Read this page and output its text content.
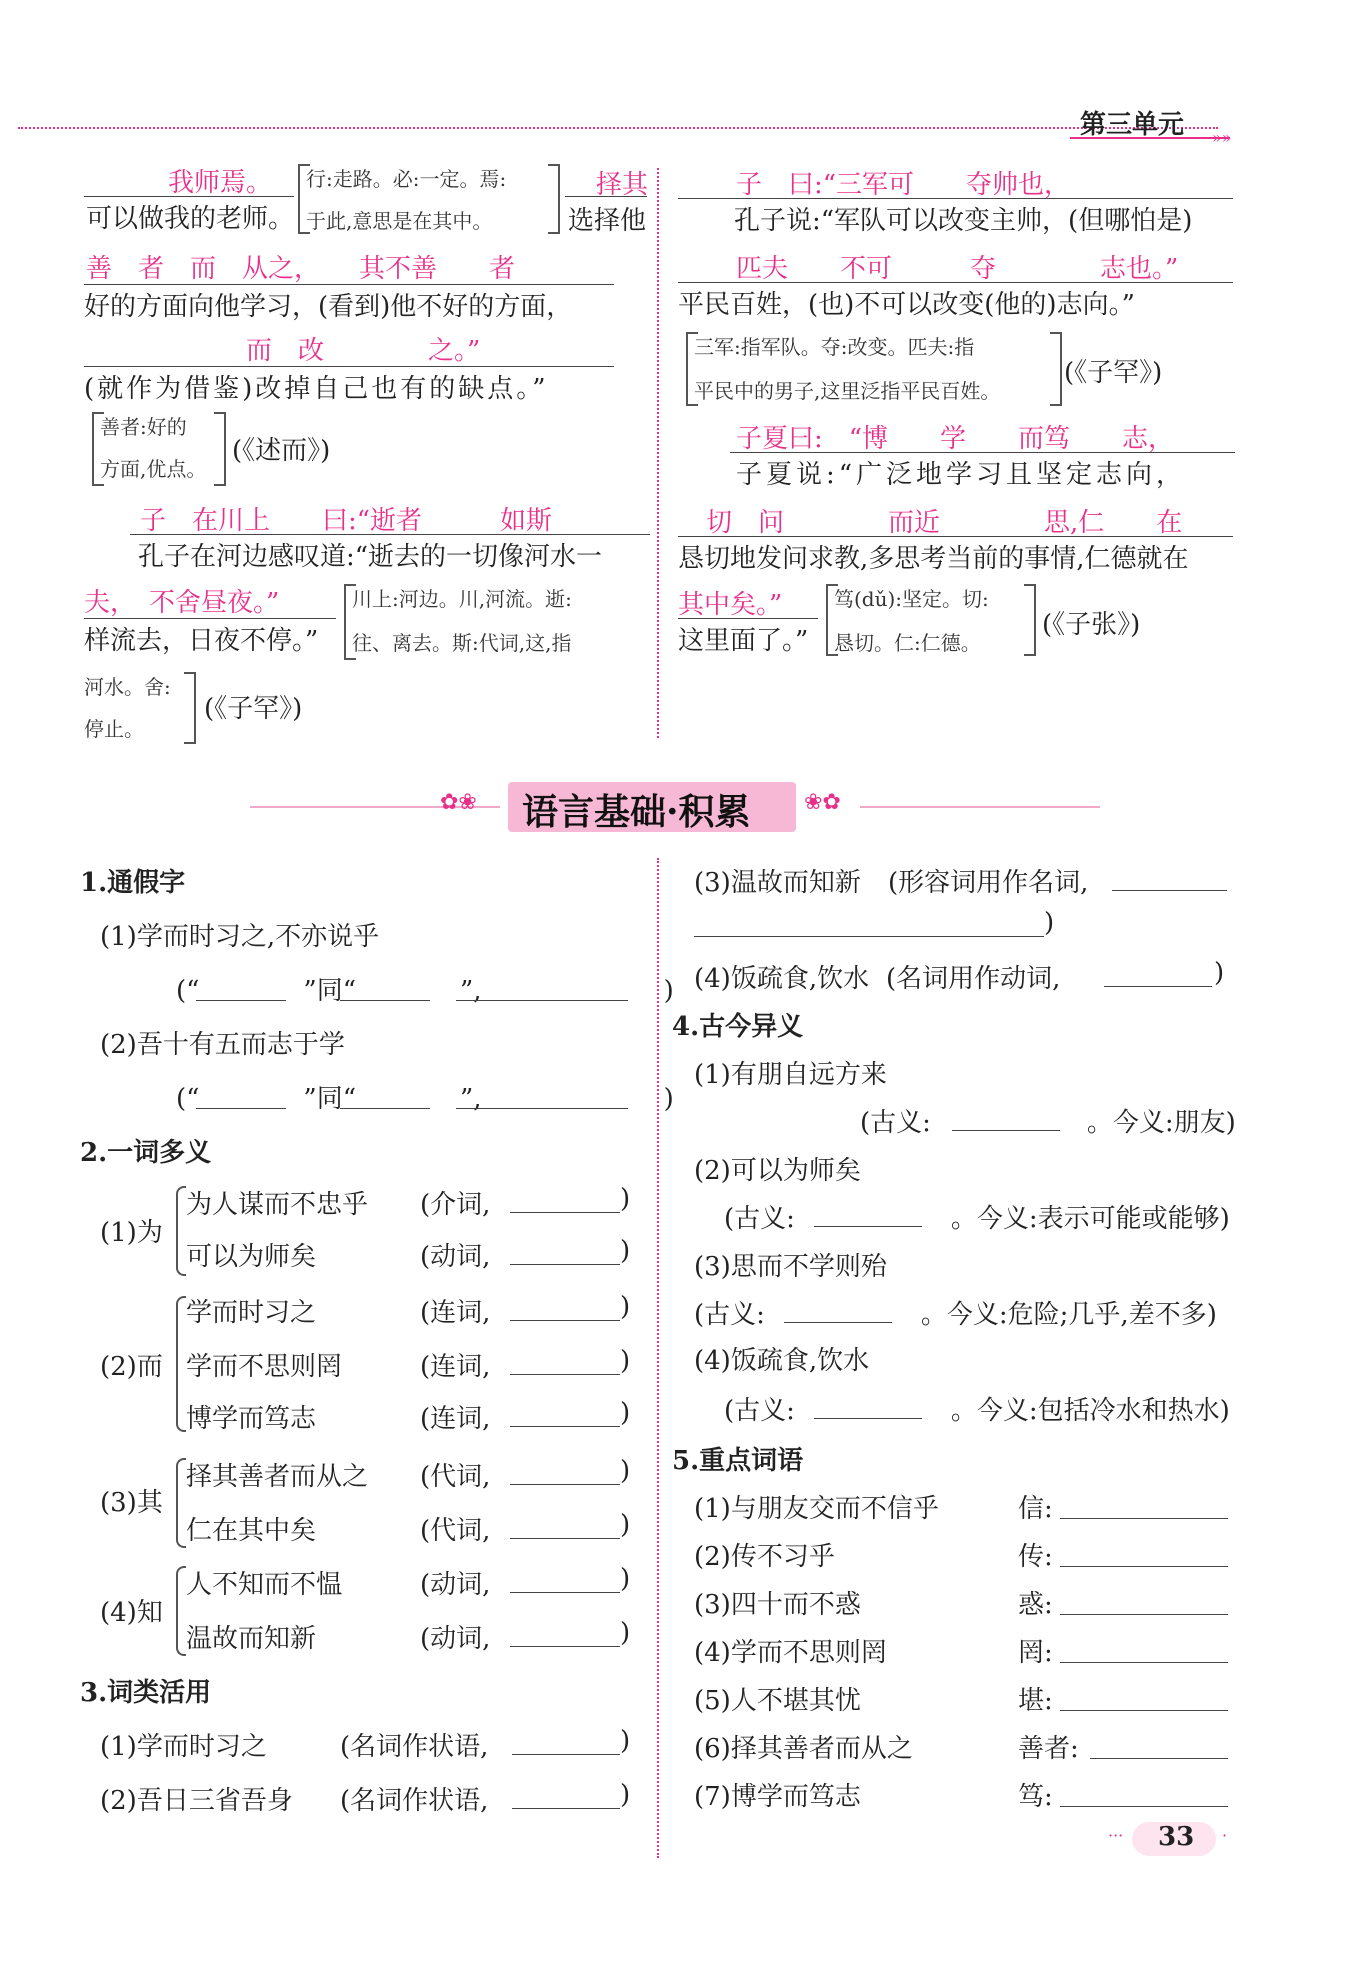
第三单元 »»
我师焉。	择其
可以做我的老师。	选择他
行:走路。必:一定。焉:
于此,意思是在其中。
善　者　而　从之，　　其不善　　者
好的方面向他学习，(看到)他不好的方面，
而　改　　　　之。”
(就作为借鉴)改掉自己也有的缺点。”
善者:好的
方面,优点。
(《述而》)
子　在川上　　曰:“逝者　　　如斯
孔子在河边感叹道:“逝去的一切像河水一
夫，　不舍昼夜。”
样流去，日夜不停。”
川上:河边。川,河流。逝:
往、离去。斯:代词,这,指
河水。舍:
停止。
(《子罕》)
子　曰:“三军可　　夺帅也，
孔子说:“军队可以改变主帅，(但哪怕是)
匹夫　　不可　　　夺　　　　志也。”
平民百姓，(也)不可以改变(他的)志向。”
三军:指军队。夺:改变。匹夫:指
平民中的男子,这里泛指平民百姓。
(《子罕》)
子夏曰:　“博　　学　　而笃　　志，
子夏说:“广泛地学习且坚定志向，
切　问　　　　而近　　　　思,仁　　在
恳切地发问求教,多思考当前的事情,仁德就在
其中矣。”
这里面了。”
笃(dǔ):坚定。切:
恳切。仁:仁德。
(《子张》)
✿❀ 语言基础·积累 ❀✿
1.通假字
(1)学而时习之,不亦说乎
(“　　　　”同“　　　　”,　　　　　　　)
(2)吾十有五而志于学
(“　　　　”同“　　　　”,　　　　　　　)
2.一词多义
(1)为
为人谋而不忠乎 (介词,	)
可以为师矣	(动词,	)
(2)而
学而时习之	(连词,	)
学而不思则罔	(连词,	)
博学而笃志	(连词,	)
(3)其
择其善者而从之 (代词,	)
仁在其中矣	(代词,	)
(4)知
人不知而不愠	(动词,	)
温故而知新	(动词,	)
3.词类活用
(1)学而时习之	(名词作状语,	)
(2)吾日三省吾身 (名词作状语,	)
(3)温故而知新 (形容词用作名词,
)
(4)饭疏食,饮水 (名词用作动词,	)
4.古今异义
(1)有朋自远方来
(古义:　　　　　　。今义:朋友)
(2)可以为师矣
(古义:　　　　　　。今义:表示可能或能够)
(3)思而不学则殆
(古义:　　　　　　。今义:危险;几乎,差不多)
(4)饭疏食,饮水
(古义:　　　　　　。今义:包括冷水和热水)
5.重点词语
(1)与朋友交而不信乎	信:
(2)传不习乎	传:
(3)四十而不惑	惑:
(4)学而不思则罔	罔:
(5)人不堪其忧	堪:
(6)择其善者而从之	善者:
(7)博学而笃志	笃:
··· 33 ·
